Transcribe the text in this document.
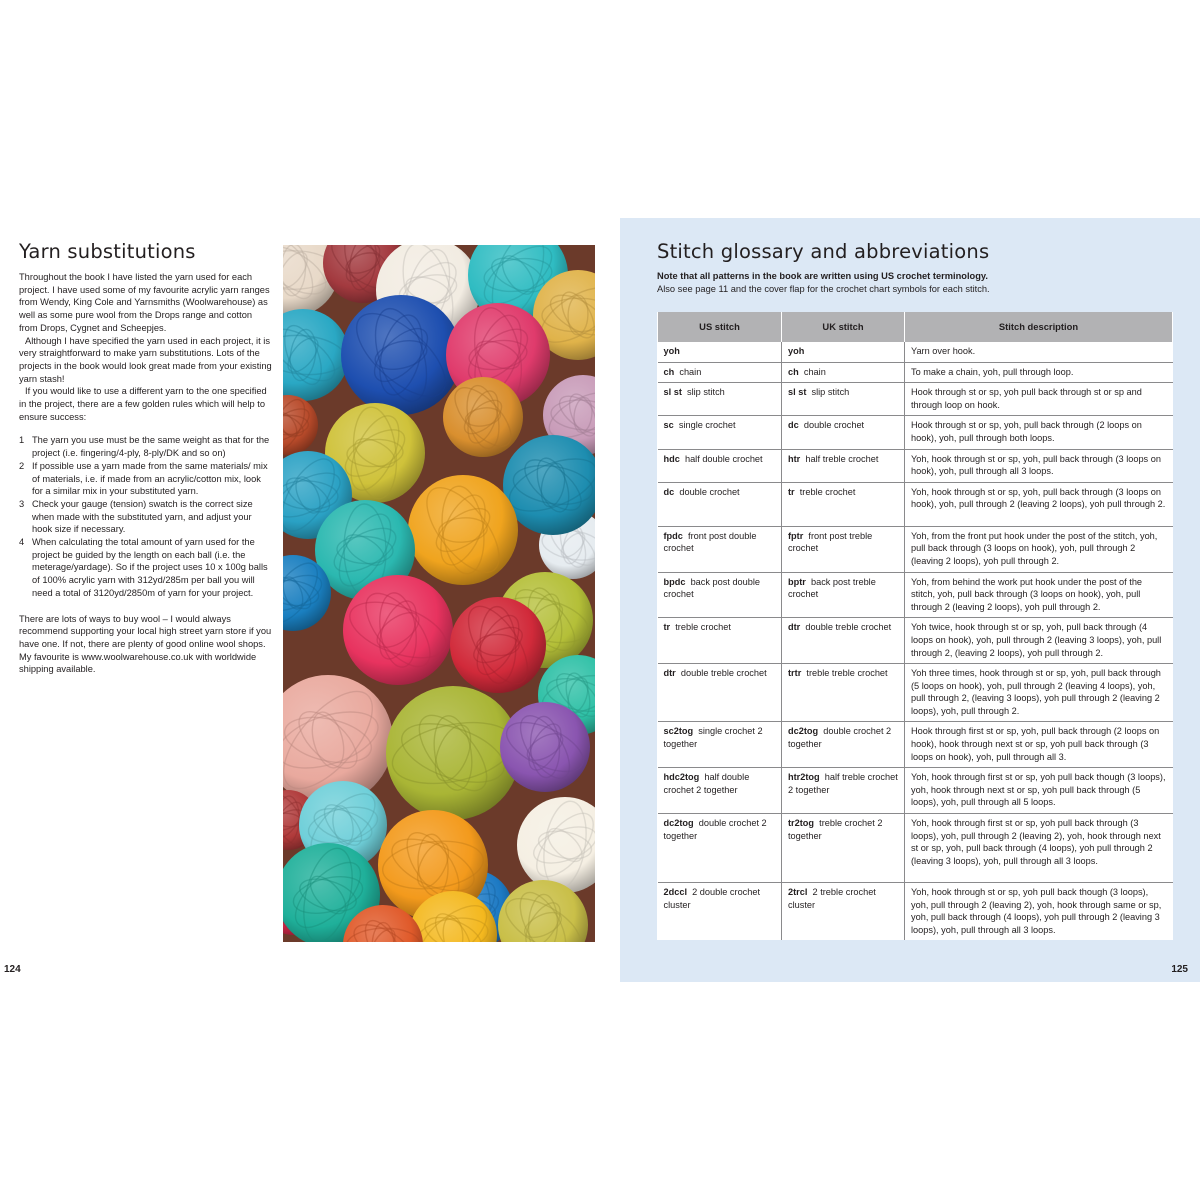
Yarn substitutions

Throughout the book I have listed the yarn used for each project. I have used some of my favourite acrylic yarn ranges from Wendy, King Cole and Yarnsmiths (Woolwarehouse) as well as some pure wool from the Drops range and cotton from Drops, Cygnet and Scheepjes.

Although I have specified the yarn used in each project, it is very straightforward to make yarn substitutions. Lots of the projects in the book would look great made from your existing yarn stash!

If you would like to use a different yarn to the one specified in the project, there are a few golden rules which will help to ensure success:

1 The yarn you use must be the same weight as that for the project (i.e. fingering/4-ply, 8-ply/DK and so on)
2 If possible use a yarn made from the same materials/ mix of materials, i.e. if made from an acrylic/cotton mix, look for a similar mix in your substituted yarn.
3 Check your gauge (tension) swatch is the correct size when made with the substituted yarn, and adjust your hook size if necessary.
4 When calculating the total amount of yarn used for the project be guided by the length on each ball (i.e. the meterage/yardage). So if the project uses 10 x 100g balls of 100% acrylic yarn with 312yd/285m per ball you will need a total of 3120yd/2850m of yarn for your project.

There are lots of ways to buy wool – I would always recommend supporting your local high street yarn store if you have one. If not, there are plenty of good online wool shops. My favourite is www.woolwarehouse.co.uk with worldwide shipping available.

124
Stitch glossary and abbreviations
Note that all patterns in the book are written using US crochet terminology.
Also see page 11 and the cover flap for the crochet chart symbols for each stitch.
US stitch	UK stitch	Stitch description
yoh	yoh	Yarn over hook.
ch chain	ch chain	To make a chain, yoh, pull through loop.
sl st slip stitch	sl st slip stitch	Hook through st or sp, yoh pull back through st or sp and through loop on hook.
sc single crochet	dc double crochet	Hook through st or sp, yoh, pull back through (2 loops on hook), yoh, pull through both loops.
hdc half double crochet	htr half treble crochet	Yoh, hook through st or sp, yoh, pull back through (3 loops on hook), yoh, pull through all 3 loops.
dc double crochet	tr treble crochet	Yoh, hook through st or sp, yoh, pull back through (3 loops on hook), yoh, pull through 2 (leaving 2 loops), yoh pull through 2.
fpdc front post double crochet	fptr front post treble crochet	Yoh, from the front put hook under the post of the stitch, yoh, pull back through (3 loops on hook), yoh, pull through 2 (leaving 2 loops), yoh pull through 2.
bpdc back post double crochet	bptr back post treble crochet	Yoh, from behind the work put hook under the post of the stitch, yoh, pull back through (3 loops on hook), yoh, pull through 2 (leaving 2 loops), yoh pull through 2.
tr treble crochet	dtr double treble crochet	Yoh twice, hook through st or sp, yoh, pull back through (4 loops on hook), yoh, pull through 2 (leaving 3 loops), yoh, pull through 2, (leaving 2 loops), yoh pull through 2.
dtr double treble crochet	trtr treble treble crochet	Yoh three times, hook through st or sp, yoh, pull back through (5 loops on hook), yoh, pull through 2 (leaving 4 loops), yoh, pull through 2, (leaving 3 loops), yoh pull through 2 (leaving 2 loops), yoh, pull through 2.
sc2tog single crochet 2 together	dc2tog double crochet 2 together	Hook through first st or sp, yoh, pull back through (2 loops on hook), hook through next st or sp, yoh pull back through (3 loops on hook), yoh, pull through all 3.
hdc2tog half double crochet 2 together	htr2tog half treble crochet 2 together	Yoh, hook through first st or sp, yoh pull back though (3 loops), yoh, hook through next st or sp, yoh pull back through (5 loops), yoh, pull through all 5 loops.
dc2tog double crochet 2 together	tr2tog treble crochet 2 together	Yoh, hook through first st or sp, yoh pull back through (3 loops), yoh, pull through 2 (leaving 2), yoh, hook through next st or sp, yoh, pull back through (4 loops), yoh pull through 2 (leaving 3 loops), yoh, pull through all 3 loops.
2dccl 2 double crochet cluster	2trcl 2 treble crochet cluster	Yoh, hook through st or sp, yoh pull back though (3 loops), yoh, pull through 2 (leaving 2), yoh, hook through same or sp, yoh, pull back through (4 loops), yoh pull through 2 (leaving 3 loops), yoh, pull through all 3 loops.
125
